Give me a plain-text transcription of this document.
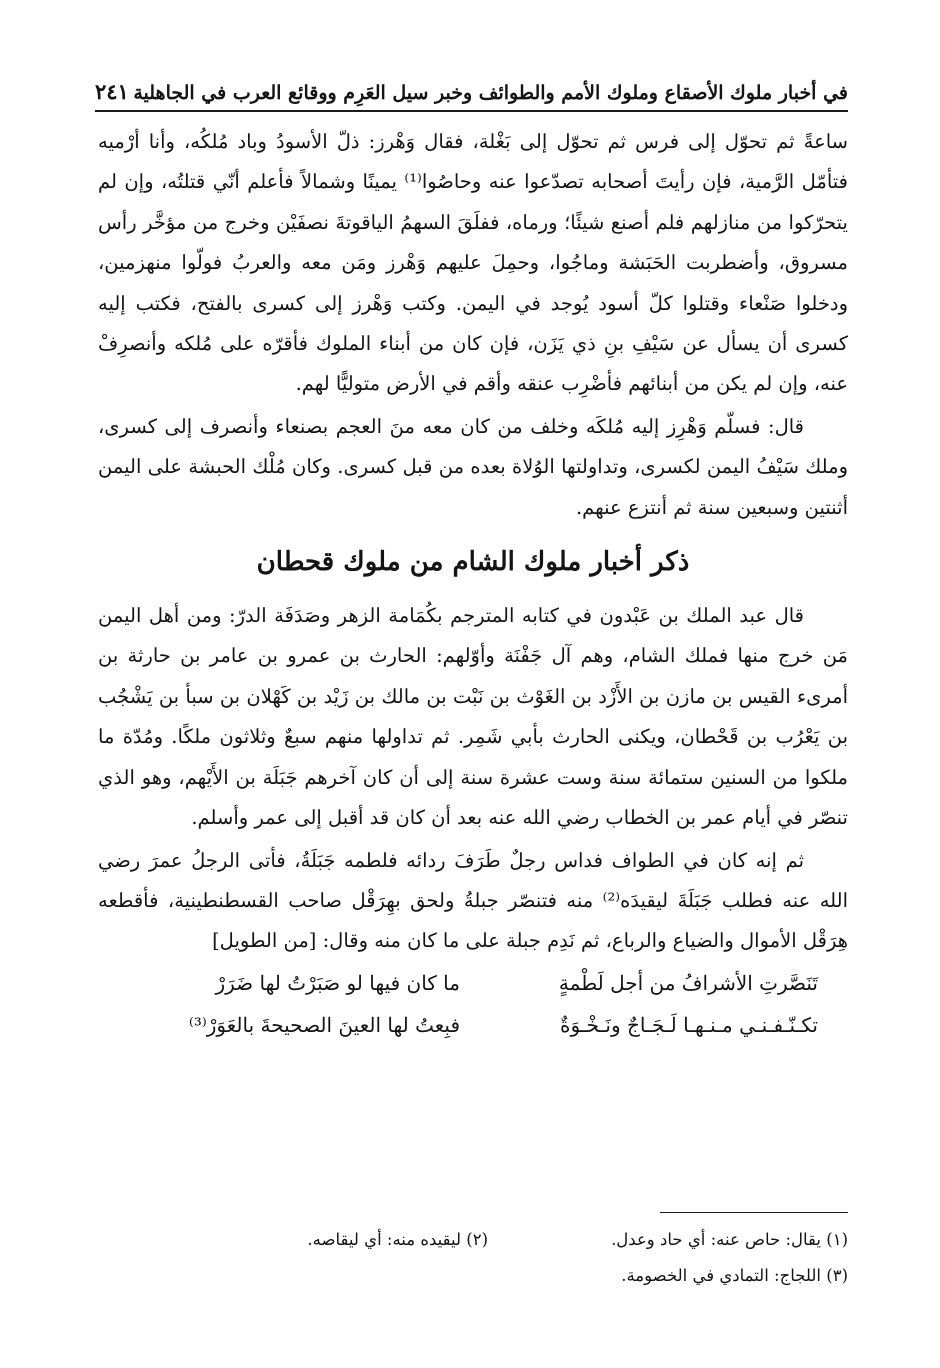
في أخبار ملوك الأصقاع وملوك الأمم والطوائف وخبر سيل العَرِم ووقائع العرب في الجاهلية
٢٤١

ساعةً ثم تحوّل إلى فرس ثم تحوّل إلى بَغْلة، فقال وَهْرز: ذلّ الأسودُ وباد مُلكُه، وأنا أرْميه فتأمّل الرَّمية، فإن رأيتَ أصحابه تصدّعوا عنه وحاصُوا⁽¹⁾ يمينًا وشمالاً فأعلم أنّي قتلتُه، وإن لم يتحرّكوا من منازلهم فلم أصنع شيئًا؛ ورماه، ففلَقَ السهمُ الياقوتةَ نصفَيْن وخرج من مؤخَّر رأس مسروق، وأضطربت الحَبَشة وماجُوا، وحمِلَ عليهم وَهْرز ومَن معه والعربُ فولّوا منهزمين، ودخلوا صَنْعاء وقتلوا كلّ أسود يُوجد في اليمن. وكتب وَهْرز إلى كسرى بالفتح، فكتب إليه كسرى أن يسأل عن سَيْفِ بنِ ذي يَزَن، فإن كان من أبناء الملوك فأقرّه على مُلكه وأنصرِفْ عنه، وإن لم يكن من أبنائهم فأضْرِب عنقه وأقم في الأرض متوليًّا لهم.

قال: فسلّم وَهْرِز إليه مُلكَه وخلف من كان معه منَ العجم بصنعاء وأنصرف إلى كسرى، وملك سَيْفُ اليمن لكسرى، وتداولتها الوُلاة بعده من قبل كسرى. وكان مُلْك الحبشة على اليمن أثنتين وسبعين سنة ثم أنتزع عنهم.

ذكر أخبار ملوك الشام من ملوك قحطان

قال عبد الملك بن عَبْدون في كتابه المترجم بكُمَامة الزهر وصَدَفَة الدرّ: ومن أهل اليمن مَن خرج منها فملك الشام، وهم آل جَفْنَة وأوّلهم: الحارث بن عمرو بن عامر بن حارثة بن أمرىء القيس بن مازن بن الأَزْد بن الغَوْث بن نَبْت بن مالك بن زَيْد بن كَهْلان بن سبأ بن يَشْجُب بن يَعْرُب بن قَحْطان، ويكنى الحارث بأبي شَمِر. ثم تداولها منهم سبعٌ وثلاثون ملكًا. ومُدّة ما ملكوا من السنين ستمائة سنة وست عشرة سنة إلى أن كان آخرهم جَبَلَة بن الأَيْهم، وهو الذي تنصّر في أيام عمر بن الخطاب رضي الله عنه بعد أن كان قد أقبل إلى عمر وأسلم.

ثم إنه كان في الطواف فداس رجلٌ طَرَفَ ردائه فلطمه جَبَلَةُ، فأتى الرجلُ عمرَ رضي الله عنه فطلب جَبَلَةَ ليقيدَه⁽²⁾ منه فتنصّر جبلةُ ولحق بهِرَقْل صاحب القسطنطينية، فأقطعه هِرَقْل الأموال والضياع والرباع، ثم نَدِم جبلة على ما كان منه وقال: [من الطويل]

تَنَصَّرتِ الأشرافُ من أجل لَطْمةٍ
ما كان فيها لو صَبَرْتُ لها ضَرَرْ
تكـنّـفـنـي مـنـهـا لَـجَـاجٌ ونَـخْـوَةٌ
فبِعتُ لها العينَ الصحيحةَ بالعَوَرْ⁽³⁾
(١) يقال: حاص عنه: أي حاد وعدل.
(٢) ليقيده منه: أي ليقاصه.
(٣) اللجاج: التمادي في الخصومة.
